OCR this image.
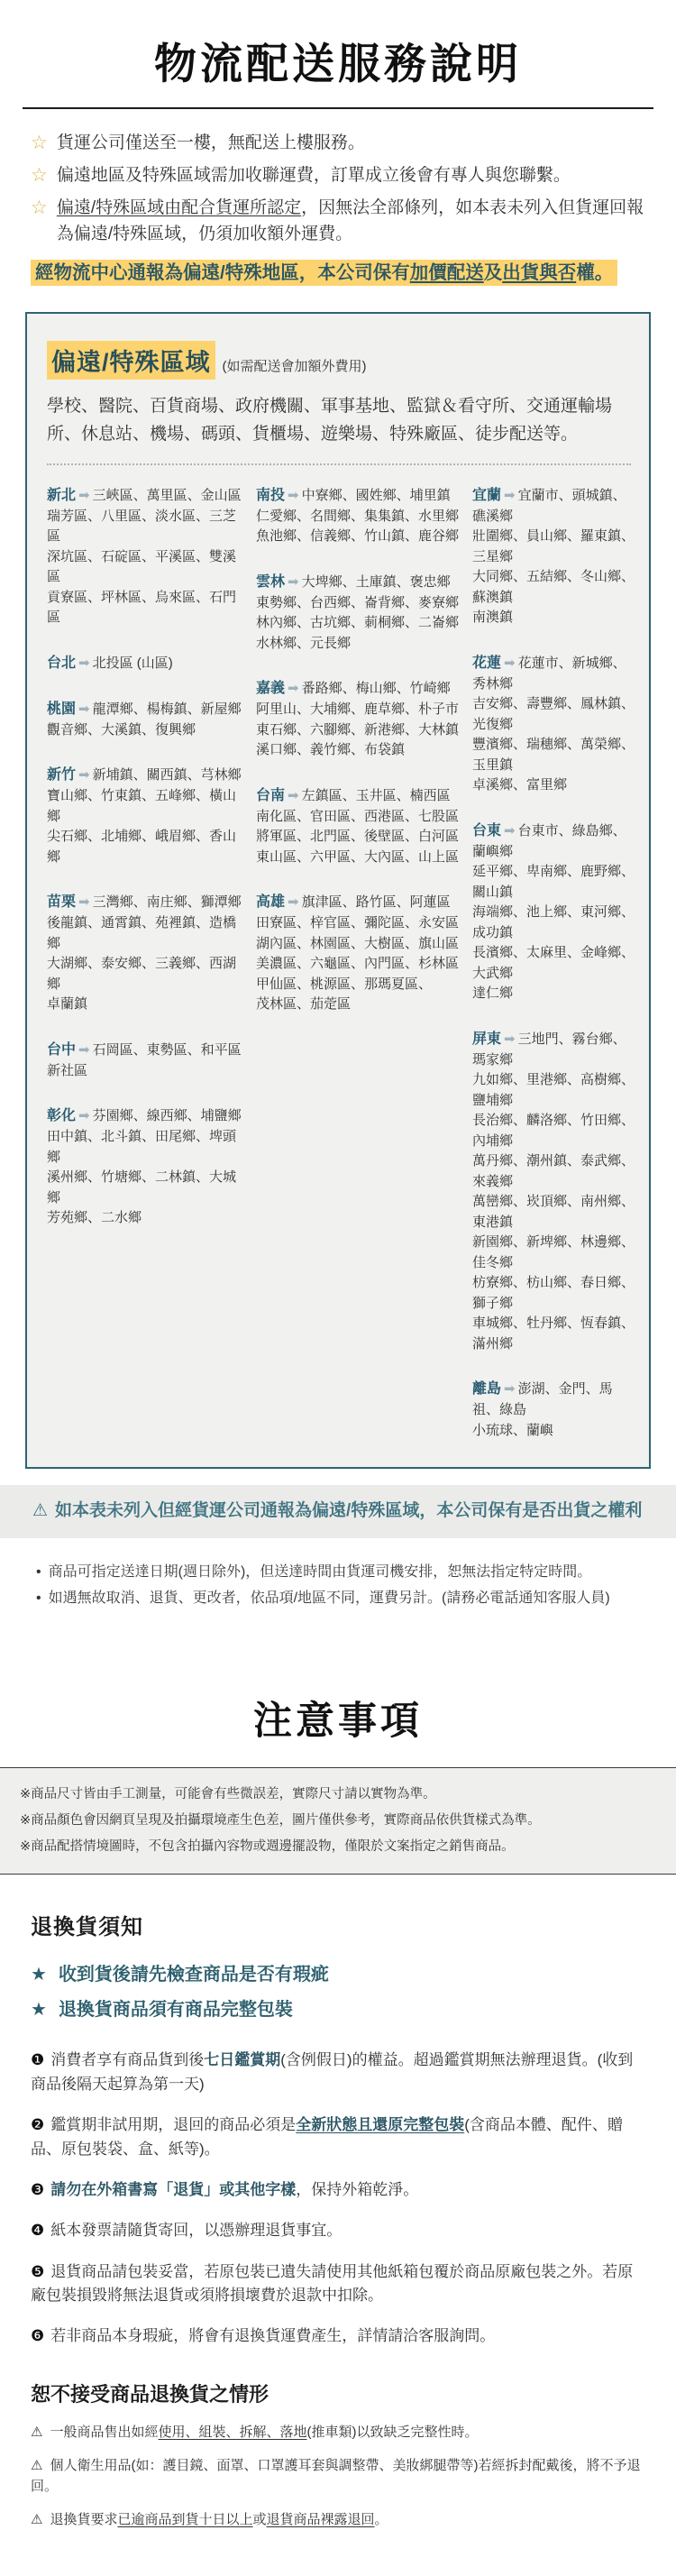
物流配送服務說明
☆ 貨運公司僅送至一樓，無配送上樓服務。
☆ 偏遠地區及特殊區域需加收聯運費，訂單成立後會有專人與您聯繫。
☆ 偏遠/特殊區域由配合貨運所認定，因無法全部條列，如本表未列入但貨運回報為偏遠/特殊區域，仍須加收額外運費。
經物流中心通報為偏遠/特殊地區，本公司保有加價配送及出貨與否權。
偏遠/特殊區域 (如需配送會加額外費用)
學校、醫院、百貨商場、政府機關、軍事基地、監獄＆看守所、交通運輸場所、休息站、機場、碼頭、貨櫃場、遊樂場、特殊廠區、徒步配送等。
新北 ➡ 三峽區、萬里區、金山區
瑞芳區、八里區、淡水區、三芝區
深坑區、石碇區、平溪區、雙溪區
貢寮區、坪林區、烏來區、石門區
台北 ➡ 北投區 (山區)
桃園 ➡ 龍潭鄉、楊梅鎮、新屋鄉
觀音鄉、大溪鎮、復興鄉
新竹 ➡ 新埔鎮、關西鎮、芎林鄉
寶山鄉、竹東鎮、五峰鄉、橫山鄉
尖石鄉、北埔鄉、峨眉鄉、香山鄉
苗栗 ➡ 三灣鄉、南庄鄉、獅潭鄉
後龍鎮、通霄鎮、苑裡鎮、造橋鄉
大湖鄉、泰安鄉、三義鄉、西湖鄉
卓蘭鎮
台中 ➡ 石岡區、東勢區、和平區
新社區
彰化 ➡ 芬園鄉、線西鄉、埔鹽鄉
田中鎮、北斗鎮、田尾鄉、埤頭鄉
溪州鄉、竹塘鄉、二林鎮、大城鄉
芳苑鄉、二水鄉
南投 ➡ 中寮鄉、國姓鄉、埔里鎮
仁愛鄉、名間鄉、集集鎮、水里鄉
魚池鄉、信義鄉、竹山鎮、鹿谷鄉
雲林 ➡ 大埤鄉、土庫鎮、褒忠鄉
東勢鄉、台西鄉、崙背鄉、麥寮鄉
林內鄉、古坑鄉、莿桐鄉、二崙鄉
水林鄉、元長鄉
嘉義 ➡ 番路鄉、梅山鄉、竹崎鄉
阿里山、大埔鄉、鹿草鄉、朴子市
東石鄉、六腳鄉、新港鄉、大林鎮
溪口鄉、義竹鄉、布袋鎮
台南 ➡ 左鎮區、玉井區、楠西區
南化區、官田區、西港區、七股區
將軍區、北門區、後壁區、白河區
東山區、六甲區、大內區、山上區
高雄 ➡ 旗津區、路竹區、阿蓮區
田寮區、梓官區、彌陀區、永安區
湖內區、林園區、大樹區、旗山區
美濃區、六龜區、內門區、杉林區
甲仙區、桃源區、那瑪夏區、
茂林區、茄萣區
宜蘭 ➡ 宜蘭市、頭城鎮、礁溪鄉
壯圍鄉、員山鄉、羅東鎮、三星鄉
大同鄉、五結鄉、冬山鄉、蘇澳鎮
南澳鎮
花蓮 ➡ 花蓮市、新城鄉、秀林鄉
吉安鄉、壽豐鄉、鳳林鎮、光復鄉
豐濱鄉、瑞穗鄉、萬榮鄉、玉里鎮
卓溪鄉、富里鄉
台東 ➡ 台東市、綠島鄉、蘭嶼鄉
延平鄉、卑南鄉、鹿野鄉、關山鎮
海端鄉、池上鄉、東河鄉、成功鎮
長濱鄉、太麻里、金峰鄉、大武鄉
達仁鄉
屏東 ➡ 三地門、霧台鄉、瑪家鄉
九如鄉、里港鄉、高樹鄉、鹽埔鄉
長治鄉、麟洛鄉、竹田鄉、內埔鄉
萬丹鄉、潮州鎮、泰武鄉、來義鄉
萬巒鄉、崁頂鄉、南州鄉、東港鎮
新園鄉、新埤鄉、林邊鄉、佳冬鄉
枋寮鄉、枋山鄉、春日鄉、獅子鄉
車城鄉、牡丹鄉、恆春鎮、滿州鄉
離島 ➡ 澎湖、金門、馬祖、綠島
小琉球、蘭嶼
⚠ 如本表未列入但經貨運公司通報為偏遠/特殊區域，本公司保有是否出貨之權利
• 商品可指定送達日期(週日除外)，但送達時間由貨運司機安排，恕無法指定特定時間。
• 如遇無故取消、退貨、更改者，依品項/地區不同，運費另計。(請務必電話通知客服人員)
注意事項
※商品尺寸皆由手工測量，可能會有些微誤差，實際尺寸請以實物為準。
※商品顏色會因網頁呈現及拍攝環境產生色差，圖片僅供參考，實際商品依供貨樣式為準。
※商品配搭情境圖時，不包含拍攝內容物或週邊擺設物，僅限於文案指定之銷售商品。
退換貨須知
★ 收到貨後請先檢查商品是否有瑕疵
★ 退換貨商品須有商品完整包裝
❶ 消費者享有商品貨到後七日鑑賞期(含例假日)的權益。超過鑑賞期無法辦理退貨。(收到商品後隔天起算為第一天)
❷ 鑑賞期非試用期，退回的商品必須是全新狀態且還原完整包裝(含商品本體、配件、贈品、原包裝袋、盒、紙等)。
❸ 請勿在外箱書寫「退貨」或其他字樣，保持外箱乾淨。
❹ 紙本發票請隨貨寄回，以憑辦理退貨事宜。
❺ 退貨商品請包裝妥當，若原包裝已遺失請使用其他紙箱包覆於商品原廠包裝之外。若原廠包裝損毀將無法退貨或須將損壞費於退款中扣除。
❻ 若非商品本身瑕疵，將會有退換貨運費產生，詳情請洽客服詢問。
恕不接受商品退換貨之情形
⚠ 一般商品售出如經使用、組裝、拆解、落地(推車類)以致缺乏完整性時。
⚠ 個人衛生用品(如：護目鏡、面罩、口罩護耳套與調整帶、美妝綁腿帶等)若經拆封配戴後，將不予退回。
⚠ 退換貨要求已逾商品到貨十日以上或退貨商品裸露退回。
